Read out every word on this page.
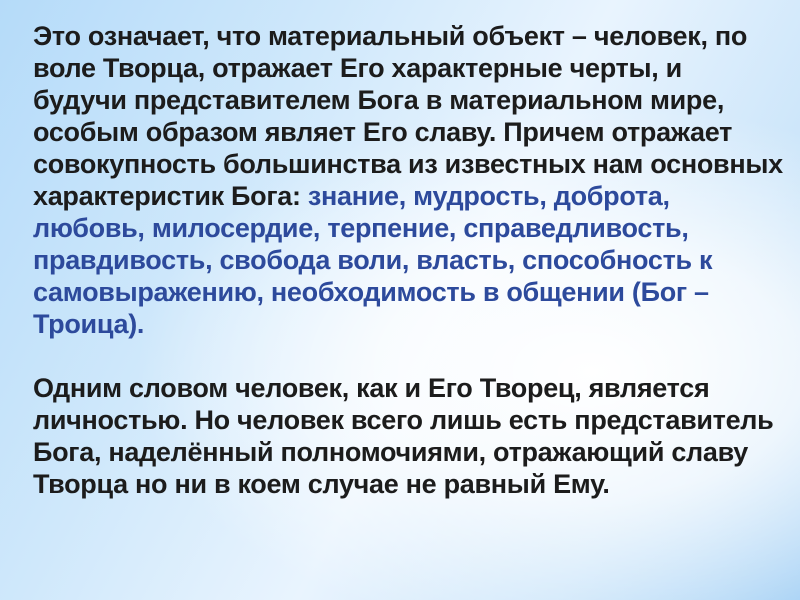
Это означает, что материальный объект – человек, по
воле Творца, отражает Его характерные черты, и
будучи представителем Бога в материальном мире,
особым образом являет Его славу. Причем отражает
совокупность большинства из известных нам основных
характеристик Бога: знание, мудрость, доброта,
любовь, милосердие, терпение, справедливость,
правдивость, свобода воли, власть, способность к
самовыражению, необходимость в общении (Бог –
Троица).
Одним словом человек, как и Его Творец, является
личностью. Но человек всего лишь есть представитель
Бога, наделённый полномочиями, отражающий славу
Творца но ни в коем случае не равный Ему.
